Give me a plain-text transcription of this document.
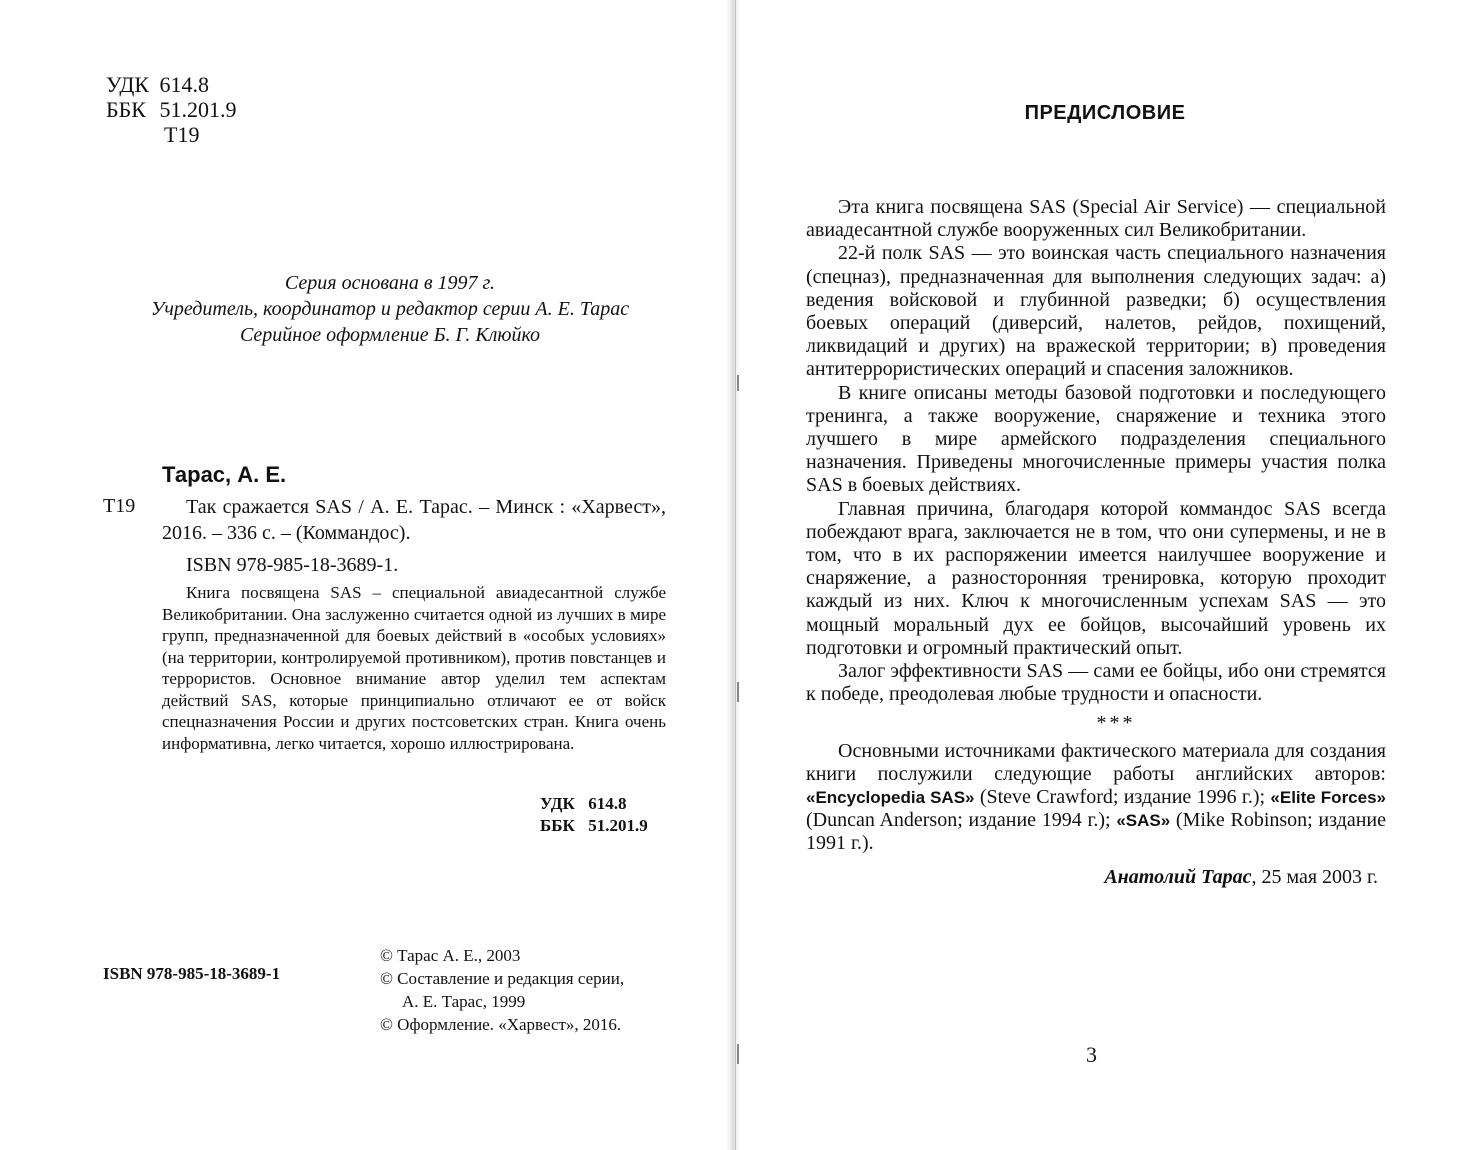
УДК 614.8
ББК 51.201.9
Т19
Серия основана в 1997 г.
Учредитель, координатор и редактор серии А. Е. Тарас
Серийное оформление Б. Г. Клюйко
Т19
Тарас, А. Е.

Так сражается SAS / А. Е. Тарас. – Минск : «Харвест», 2016. – 336 с. – (Коммандос).

ISBN 978-985-18-3689-1.

Книга посвящена SAS – специальной авиадесантной службе Великобритании. Она заслуженно считается одной из лучших в мире групп, предназначенной для боевых действий в «особых условиях» (на территории, контролируемой противником), против повстанцев и террористов. Основное внимание автор уделил тем аспектам действий SAS, которые принципиально отличают ее от войск спецназначения России и других постсоветских стран. Книга очень информативна, легко читается, хорошо иллюстрирована.

УДК 614.8
ББК 51.201.9
ISBN 978-985-18-3689-1
© Тарас А. Е., 2003
© Составление и редакция серии,
А. Е. Тарас, 1999
© Оформление. «Харвест», 2016.
ПРЕДИСЛОВИЕ

Эта книга посвящена SAS (Special Air Service) — специальной авиадесантной службе вооруженных сил Великобритании.

22-й полк SAS — это воинская часть специального назначения (спецназ), предназначенная для выполнения следующих задач: а) ведения войсковой и глубинной разведки; б) осуществления боевых операций (диверсий, налетов, рейдов, похищений, ликвидаций и других) на вражеской территории; в) проведения антитеррористических операций и спасения заложников.

В книге описаны методы базовой подготовки и последующего тренинга, а также вооружение, снаряжение и техника этого лучшего в мире армейского подразделения специального назначения. Приведены многочисленные примеры участия полка SAS в боевых действиях.

Главная причина, благодаря которой коммандос SAS всегда побеждают врага, заключается не в том, что они супермены, и не в том, что в их распоряжении имеется наилучшее вооружение и снаряжение, а разносторонняя тренировка, которую проходит каждый из них. Ключ к многочисленным успехам SAS — это мощный моральный дух ее бойцов, высочайший уровень их подготовки и огромный практический опыт.

Залог эффективности SAS — сами ее бойцы, ибо они стремятся к победе, преодолевая любые трудности и опасности.

***

Основными источниками фактического материала для создания книги послужили следующие работы английских авторов: «Encyclopedia SAS» (Steve Crawford; издание 1996 г.); «Elite Forces» (Duncan Anderson; издание 1994 г.); «SAS» (Mike Robinson; издание 1991 г.).

Анатолий Тарас, 25 мая 2003 г.
3
